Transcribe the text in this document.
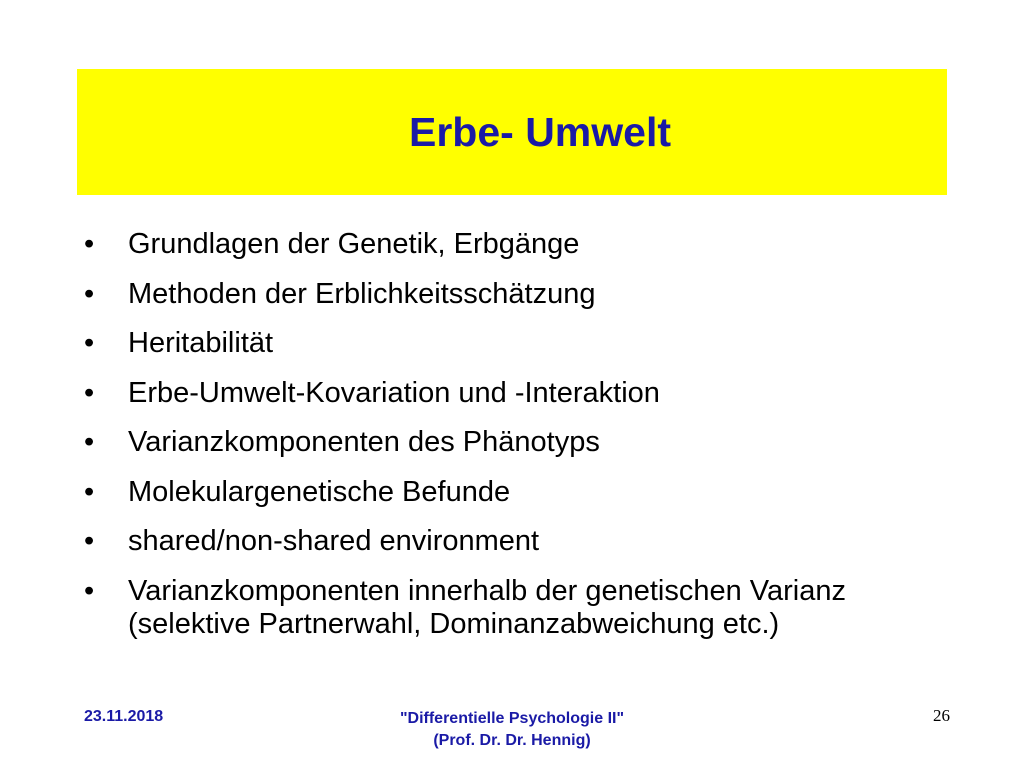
Erbe- Umwelt
• Grundlagen der Genetik, Erbgänge
• Methoden der Erblichkeitsschätzung
• Heritabilität
• Erbe-Umwelt-Kovariation und -Interaktion
• Varianzkomponenten des Phänotyps
• Molekulargenetische Befunde
• shared/non-shared environment
• Varianzkomponenten innerhalb der genetischen Varianz (selektive Partnerwahl, Dominanzabweichung etc.)
23.11.2018	"Differentielle Psychologie II"
(Prof. Dr. Dr. Hennig)
26
